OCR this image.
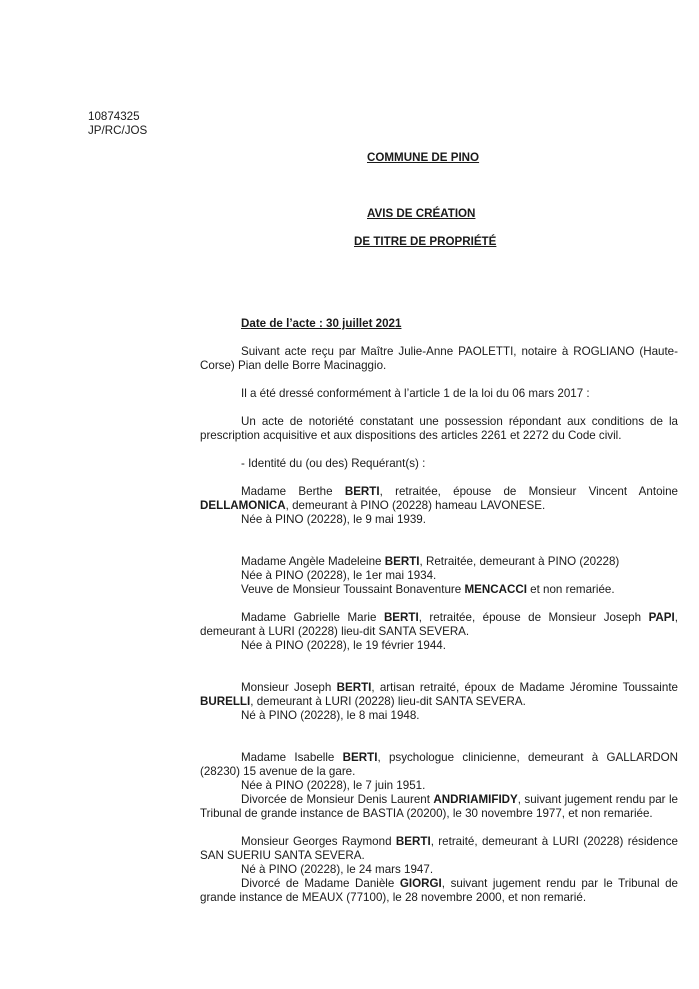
10874325
JP/RC/JOS
COMMUNE DE PINO
AVIS DE CRÉATION
DE TITRE DE PROPRIÉTÉ
Date de l’acte : 30 juillet 2021

Suivant acte reçu par Maître Julie-Anne PAOLETTI, notaire à ROGLIANO (Haute-Corse) Pian delle Borre Macinaggio.

Il a été dressé conformément à l’article 1 de la loi du 06 mars 2017 :

Un acte de notoriété constatant une possession répondant aux conditions de la prescription acquisitive et aux dispositions des articles 2261 et 2272 du Code civil.

- Identité du (ou des) Requérant(s) :

Madame Berthe BERTI, retraitée, épouse de Monsieur Vincent Antoine DELLAMONICA, demeurant à PINO (20228) hameau LAVONESE.

Née à PINO (20228), le 9 mai 1939.

Madame Angèle Madeleine BERTI, Retraitée, demeurant à PINO (20228)

Née à PINO (20228), le 1er mai 1934.

Veuve de Monsieur Toussaint Bonaventure MENCACCI et non remariée.

Madame Gabrielle Marie BERTI, retraitée, épouse de Monsieur Joseph PAPI, demeurant à LURI (20228) lieu-dit SANTA SEVERA.

Née à PINO (20228), le 19 février 1944.

Monsieur Joseph BERTI, artisan retraité, époux de Madame Jéromine Toussainte BURELLI, demeurant à LURI (20228) lieu-dit SANTA SEVERA.

Né à PINO (20228), le 8 mai 1948.

Madame Isabelle BERTI, psychologue clinicienne, demeurant à GALLARDON (28230) 15 avenue de la gare.

Née à PINO (20228), le 7 juin 1951.

Divorcée de Monsieur Denis Laurent ANDRIAMIFIDY, suivant jugement rendu par le Tribunal de grande instance de BASTIA (20200), le 30 novembre 1977, et non remariée.

Monsieur Georges Raymond BERTI, retraité, demeurant à LURI (20228) résidence SAN SUERIU SANTA SEVERA.

Né à PINO (20228), le 24 mars 1947.

Divorcé de Madame Danièle GIORGI, suivant jugement rendu par le Tribunal de grande instance de MEAUX (77100), le 28 novembre 2000, et non remarié.
